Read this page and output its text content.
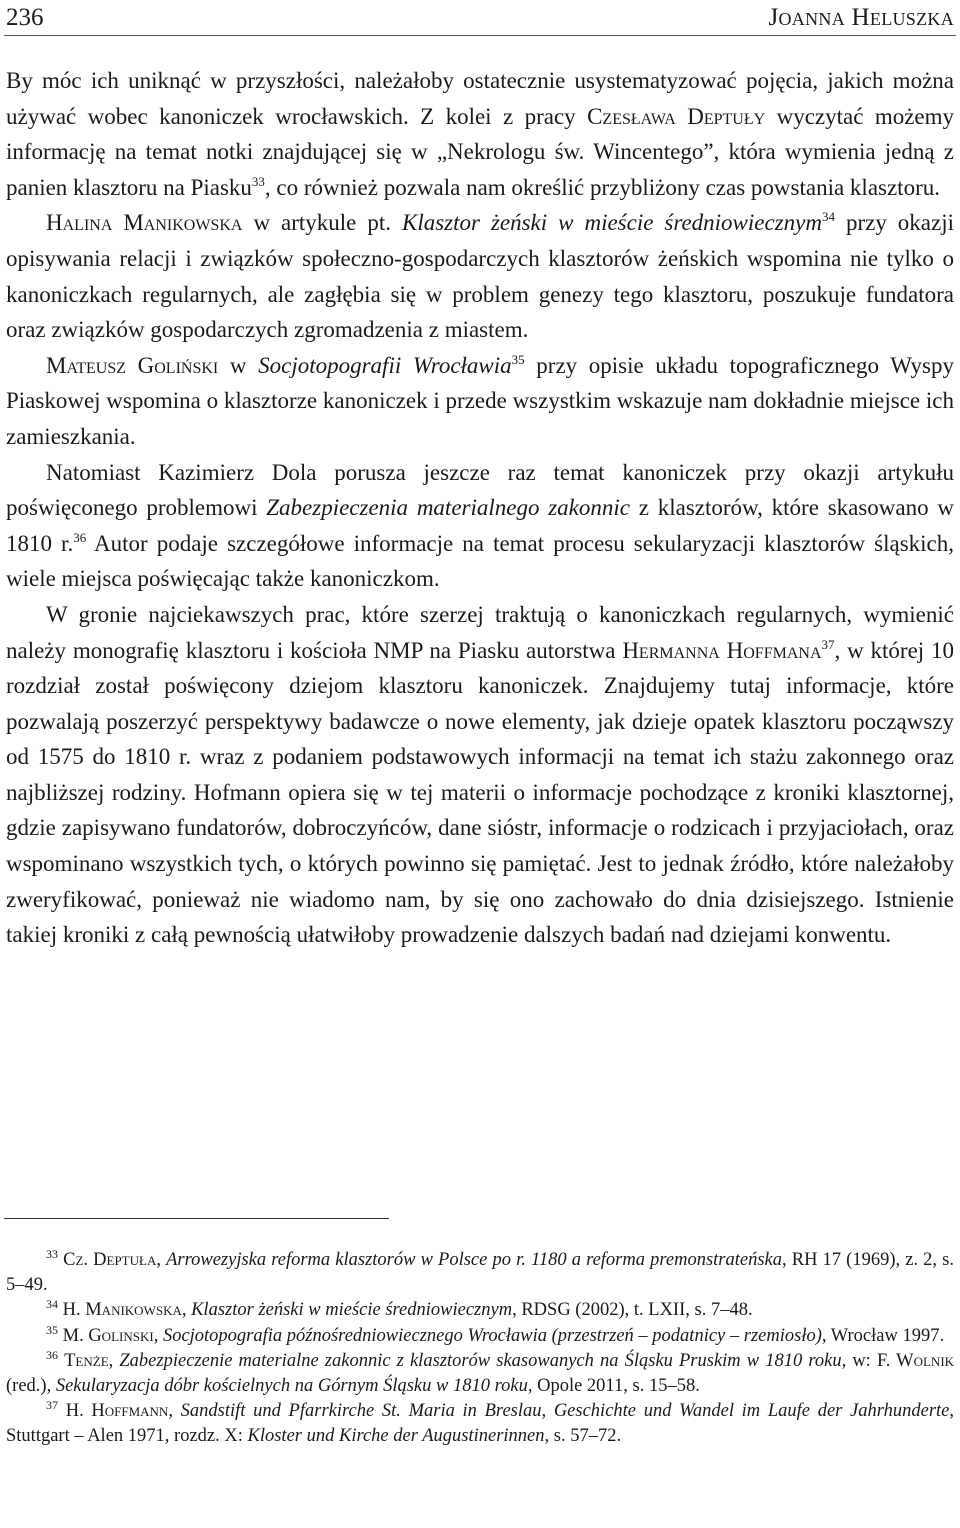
236	Joanna Heluszka

By móc ich uniknąć w przyszłości, należałoby ostatecznie usystematyzować pojęcia, jakich można używać wobec kanoniczek wrocławskich. Z kolei z pracy Czesława Deptuły wyczytać możemy informację na temat notki znajdującej się w „Nekrologu św. Wincentego”, która wymienia jedną z panien klasztoru na Piasku$^{33}$, co również pozwala nam określić przybliżony czas powstania klasztoru.

Halina Manikowska w artykule pt. Klasztor żeński w mieście średniowiecznym$^{34}$ przy okazji opisywania relacji i związków społeczno-gospodarczych klasztorów żeńskich wspomina nie tylko o kanoniczkach regularnych, ale zagłębia się w problem genezy tego klasztoru, poszukuje fundatora oraz związków gospodarczych zgromadzenia z miastem.

Mateusz Goliński w Socjotopografii Wrocławia$^{35}$ przy opisie układu topograficznego Wyspy Piaskowej wspomina o klasztorze kanoniczek i przede wszystkim wskazuje nam dokładnie miejsce ich zamieszkania.

Natomiast Kazimierz Dola porusza jeszcze raz temat kanoniczek przy okazji artykułu poświęconego problemowi Zabezpieczenia materialnego zakonnic z klasztorów, które skasowano w 1810 r.$^{36}$ Autor podaje szczegółowe informacje na temat procesu sekularyzacji klasztorów śląskich, wiele miejsca poświęcając także kanoniczkom.

W gronie najciekawszych prac, które szerzej traktują o kanoniczkach regularnych, wymienić należy monografię klasztoru i kościoła NMP na Piasku autorstwa Hermanna Hoffmana$^{37}$, w której 10 rozdział został poświęcony dziejom klasztoru kanoniczek. Znajdujemy tutaj informacje, które pozwalają poszerzyć perspektywy badawcze o nowe elementy, jak dzieje opatek klasztoru począwszy od 1575 do 1810 r. wraz z podaniem podstawowych informacji na temat ich stażu zakonnego oraz najbliższej rodziny. Hofmann opiera się w tej materii o informacje pochodzące z kroniki klasztornej, gdzie zapisywano fundatorów, dobroczyńców, dane sióstr, informacje o rodzicach i przyjaciołach, oraz wspominano wszystkich tych, o których powinno się pamiętać. Jest to jednak źródło, które należałoby zweryfikować, ponieważ nie wiadomo nam, by się ono zachowało do dnia dzisiejszego. Istnienie takiej kroniki z całą pewnością ułatwiłoby prowadzenie dalszych badań nad dziejami konwentu.

$^{33}$ Cz. Deptuła, Arrowezyjska reforma klasztorów w Polsce po r. 1180 a reforma premonstrateńska, RH 17 (1969), z. 2, s. 5–49.

$^{34}$ H. Manikowska, Klasztor żeński w mieście średniowiecznym, RDSG (2002), t. LXII, s. 7–48.

$^{35}$ M. Golinski, Socjotopografia późnośredniowiecznego Wrocławia (przestrzeń – podatnicy – rzemiosło), Wrocław 1997.

$^{36}$ Tenże, Zabezpieczenie materialne zakonnic z klasztorów skasowanych na Śląsku Pruskim w 1810 roku, w: F. Wolnik (red.), Sekularyzacja dóbr kościelnych na Górnym Śląsku w 1810 roku, Opole 2011, s. 15–58.

$^{37}$ H. Hoffmann, Sandstift und Pfarrkirche St. Maria in Breslau, Geschichte und Wandel im Laufe der Jahrhunderte, Stuttgart – Alen 1971, rozdz. X: Kloster und Kirche der Augustinerinnen, s. 57–72.
